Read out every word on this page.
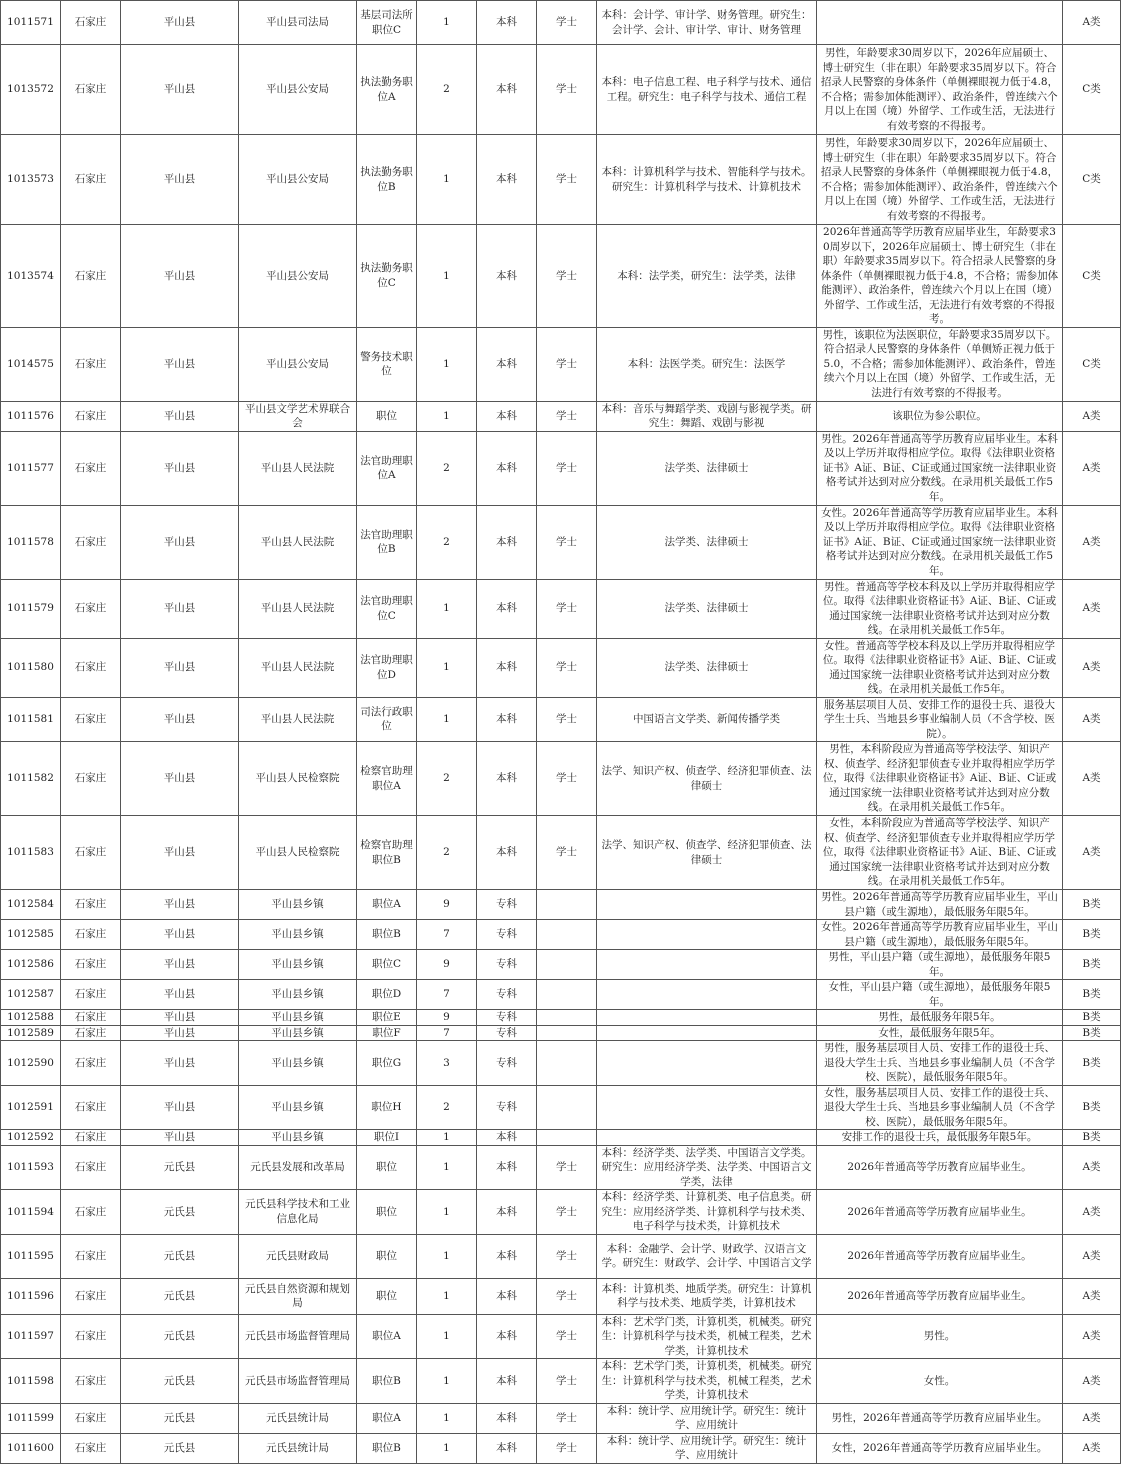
1011571	石家庄	平山县	平山县司法局	基层司法所职位C	1	本科	学士	本科：会计学、审计学、财务管理。研究生：会计学、会计、审计学、审计、财务管理		A类
1013572	石家庄	平山县	平山县公安局	执法勤务职位A	2	本科	学士	本科：电子信息工程、电子科学与技术、通信工程。研究生：电子科学与技术、通信工程	男性，年龄要求30周岁以下，2026年应届硕士、博士研究生（非在职）年龄要求35周岁以下。符合招录人民警察的身体条件（单侧裸眼视力低于4.8，不合格；需参加体能测评）、政治条件，曾连续六个月以上在国（境）外留学、工作或生活，无法进行有效考察的不得报考。	C类
1013573	石家庄	平山县	平山县公安局	执法勤务职位B	1	本科	学士	本科：计算机科学与技术、智能科学与技术。研究生：计算机科学与技术、计算机技术	男性，年龄要求30周岁以下，2026年应届硕士、博士研究生（非在职）年龄要求35周岁以下。符合招录人民警察的身体条件（单侧裸眼视力低于4.8，不合格；需参加体能测评）、政治条件，曾连续六个月以上在国（境）外留学、工作或生活，无法进行有效考察的不得报考。	C类
1013574	石家庄	平山县	平山县公安局	执法勤务职位C	1	本科	学士	本科：法学类，研究生：法学类，法律	2026年普通高等学历教育应届毕业生，年龄要求30周岁以下，2026年应届硕士、博士研究生（非在职）年龄要求35周岁以下。符合招录人民警察的身体条件（单侧裸眼视力低于4.8，不合格；需参加体能测评）、政治条件，曾连续六个月以上在国（境）外留学、工作或生活，无法进行有效考察的不得报考。	C类
1014575	石家庄	平山县	平山县公安局	警务技术职位	1	本科	学士	本科：法医学类。研究生：法医学	男性，该职位为法医职位，年龄要求35周岁以下。符合招录人民警察的身体条件（单侧矫正视力低于5.0，不合格；需参加体能测评）、政治条件，曾连续六个月以上在国（境）外留学、工作或生活，无法进行有效考察的不得报考。	C类
1011576	石家庄	平山县	平山县文学艺术界联合会	职位	1	本科	学士	本科：音乐与舞蹈学类、戏剧与影视学类。研究生：舞蹈、戏剧与影视	该职位为参公职位。	A类
1011577	石家庄	平山县	平山县人民法院	法官助理职位A	2	本科	学士	法学类、法律硕士	男性。2026年普通高等学历教育应届毕业生。本科及以上学历并取得相应学位。取得《法律职业资格证书》A证、B证、C证或通过国家统一法律职业资格考试并达到对应分数线。在录用机关最低工作5年。	A类
1011578	石家庄	平山县	平山县人民法院	法官助理职位B	2	本科	学士	法学类、法律硕士	女性。2026年普通高等学历教育应届毕业生。本科及以上学历并取得相应学位。取得《法律职业资格证书》A证、B证、C证或通过国家统一法律职业资格考试并达到对应分数线。在录用机关最低工作5年。	A类
1011579	石家庄	平山县	平山县人民法院	法官助理职位C	1	本科	学士	法学类、法律硕士	男性。普通高等学校本科及以上学历并取得相应学位。取得《法律职业资格证书》A证、B证、C证或通过国家统一法律职业资格考试并达到对应分数线。在录用机关最低工作5年。	A类
1011580	石家庄	平山县	平山县人民法院	法官助理职位D	1	本科	学士	法学类、法律硕士	女性。普通高等学校本科及以上学历并取得相应学位。取得《法律职业资格证书》A证、B证、C证或通过国家统一法律职业资格考试并达到对应分数线。在录用机关最低工作5年。	A类
1011581	石家庄	平山县	平山县人民法院	司法行政职位	1	本科	学士	中国语言文学类、新闻传播学类	服务基层项目人员、安排工作的退役士兵、退役大学生士兵、当地县乡事业编制人员（不含学校、医院）。	A类
1011582	石家庄	平山县	平山县人民检察院	检察官助理职位A	2	本科	学士	法学、知识产权、侦查学、经济犯罪侦查、法律硕士	男性，本科阶段应为普通高等学校法学、知识产权、侦查学、经济犯罪侦查专业并取得相应学历学位，取得《法律职业资格证书》A证、B证、C证或通过国家统一法律职业资格考试并达到对应分数线。在录用机关最低工作5年。	A类
1011583	石家庄	平山县	平山县人民检察院	检察官助理职位B	2	本科	学士	法学、知识产权、侦查学、经济犯罪侦查、法律硕士	女性，本科阶段应为普通高等学校法学、知识产权、侦查学、经济犯罪侦查专业并取得相应学历学位，取得《法律职业资格证书》A证、B证、C证或通过国家统一法律职业资格考试并达到对应分数线。在录用机关最低工作5年。	A类
1012584	石家庄	平山县	平山县乡镇	职位A	9	专科			男性。2026年普通高等学历教育应届毕业生，平山县户籍（或生源地），最低服务年限5年。	B类
1012585	石家庄	平山县	平山县乡镇	职位B	7	专科			女性。2026年普通高等学历教育应届毕业生，平山县户籍（或生源地），最低服务年限5年。	B类
1012586	石家庄	平山县	平山县乡镇	职位C	9	专科			男性，平山县户籍（或生源地），最低服务年限5年。	B类
1012587	石家庄	平山县	平山县乡镇	职位D	7	专科			女性，平山县户籍（或生源地），最低服务年限5年。	B类
1012588	石家庄	平山县	平山县乡镇	职位E	9	专科			男性，最低服务年限5年。	B类
1012589	石家庄	平山县	平山县乡镇	职位F	7	专科			女性，最低服务年限5年。	B类
1012590	石家庄	平山县	平山县乡镇	职位G	3	专科			男性，服务基层项目人员、安排工作的退役士兵、退役大学生士兵、当地县乡事业编制人员（不含学校、医院），最低服务年限5年。	B类
1012591	石家庄	平山县	平山县乡镇	职位H	2	专科			女性，服务基层项目人员、安排工作的退役士兵、退役大学生士兵、当地县乡事业编制人员（不含学校、医院），最低服务年限5年。	B类
1012592	石家庄	平山县	平山县乡镇	职位I	1	本科			安排工作的退役士兵，最低服务年限5年。	B类
1011593	石家庄	元氏县	元氏县发展和改革局	职位	1	本科	学士	本科：经济学类、法学类、中国语言文学类。研究生：应用经济学类、法学类、中国语言文学类，法律	2026年普通高等学历教育应届毕业生。	A类
1011594	石家庄	元氏县	元氏县科学技术和工业信息化局	职位	1	本科	学士	本科：经济学类、计算机类、电子信息类。研究生：应用经济学类、计算机科学与技术类、电子科学与技术类，计算机技术	2026年普通高等学历教育应届毕业生。	A类
1011595	石家庄	元氏县	元氏县财政局	职位	1	本科	学士	本科：金融学、会计学、财政学、汉语言文学。研究生：财政学、会计学、中国语言文学	2026年普通高等学历教育应届毕业生。	A类
1011596	石家庄	元氏县	元氏县自然资源和规划局	职位	1	本科	学士	本科：计算机类、地质学类。研究生：计算机科学与技术类、地质学类，计算机技术	2026年普通高等学历教育应届毕业生。	A类
1011597	石家庄	元氏县	元氏县市场监督管理局	职位A	1	本科	学士	本科：艺术学门类，计算机类，机械类。研究生：计算机科学与技术类，机械工程类，艺术学类，计算机技术	男性。	A类
1011598	石家庄	元氏县	元氏县市场监督管理局	职位B	1	本科	学士	本科：艺术学门类，计算机类，机械类。研究生：计算机科学与技术类，机械工程类，艺术学类，计算机技术	女性。	A类
1011599	石家庄	元氏县	元氏县统计局	职位A	1	本科	学士	本科：统计学、应用统计学。研究生：统计学、应用统计	男性，2026年普通高等学历教育应届毕业生。	A类
1011600	石家庄	元氏县	元氏县统计局	职位B	1	本科	学士	本科：统计学、应用统计学。研究生：统计学、应用统计	女性，2026年普通高等学历教育应届毕业生。	A类
